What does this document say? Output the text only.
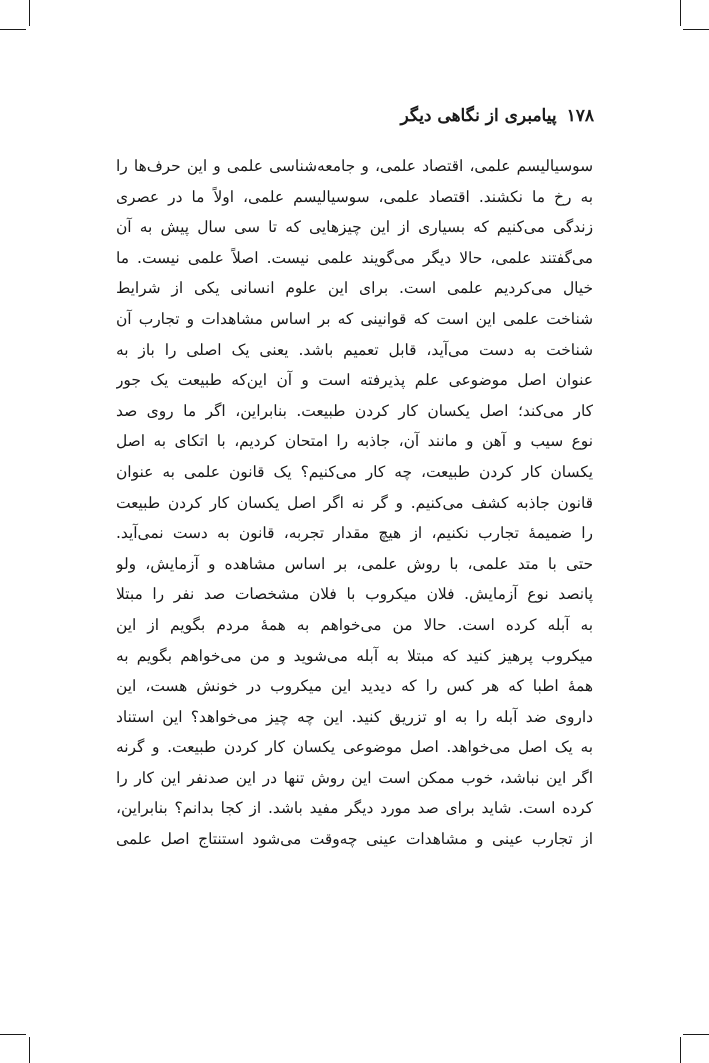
۱۷۸
پیامبری از نگاهی دیگر
سوسیالیسم علمی، اقتصاد علمی، و جامعه‌شناسی علمی و این حرف‌ها را
به رخ ما نکشند. اقتصاد علمی، سوسیالیسم علمی، اولاً ما در عصری
زندگی می‌کنیم که بسیاری از این چیزهایی که تا سی سال پیش به آن
می‌گفتند علمی، حالا دیگر می‌گویند علمی نیست. اصلاً علمی نیست. ما
خیال می‌کردیم علمی است. برای این علوم انسانی یکی از شرایط
شناخت علمی این است که قوانینی که بر اساس مشاهدات و تجارب آن
شناخت به دست می‌آید، قابل تعمیم باشد. یعنی یک اصلی را باز به
عنوان اصل موضوعی علم پذیرفته است و آن این‌که طبیعت یک جور
کار می‌کند؛ اصل یکسان کار کردن طبیعت. بنابراین، اگر ما روی صد
نوع سیب و آهن و مانند آن، جاذبه را امتحان کردیم، با اتکای به اصل
یکسان کار کردن طبیعت، چه کار می‌کنیم؟ یک قانون علمی به عنوان
قانون جاذبه کشف می‌کنیم. و گر نه اگر اصل یکسان کار کردن طبیعت
را ضمیمهٔ تجارب نکنیم، از هیچ مقدار تجربه، قانون به دست نمی‌آید.
حتی با متد علمی، با روش علمی، بر اساس مشاهده و آزمایش، ولو
پانصد نوع آزمایش. فلان میکروب با فلان مشخصات صد نفر را مبتلا
به آبله کرده است. حالا من می‌خواهم به همهٔ مردم بگویم از این
میکروب پرهیز کنید که مبتلا به آبله می‌شوید و من می‌خواهم بگویم به
همهٔ اطبا که هر کس را که دیدید این میکروب در خونش هست، این
داروی ضد آبله را به او تزریق کنید. این چه چیز می‌خواهد؟ این استناد
به یک اصل می‌خواهد. اصل موضوعی یکسان کار کردن طبیعت. و گرنه
اگر این نباشد، خوب ممکن است این روش تنها در این صدنفر این کار را
کرده است. شاید برای صد مورد دیگر مفید باشد. از کجا بدانم؟ بنابراین،
از تجارب عینی و مشاهدات عینی چه‌وقت می‌شود استنتاج اصل علمی
